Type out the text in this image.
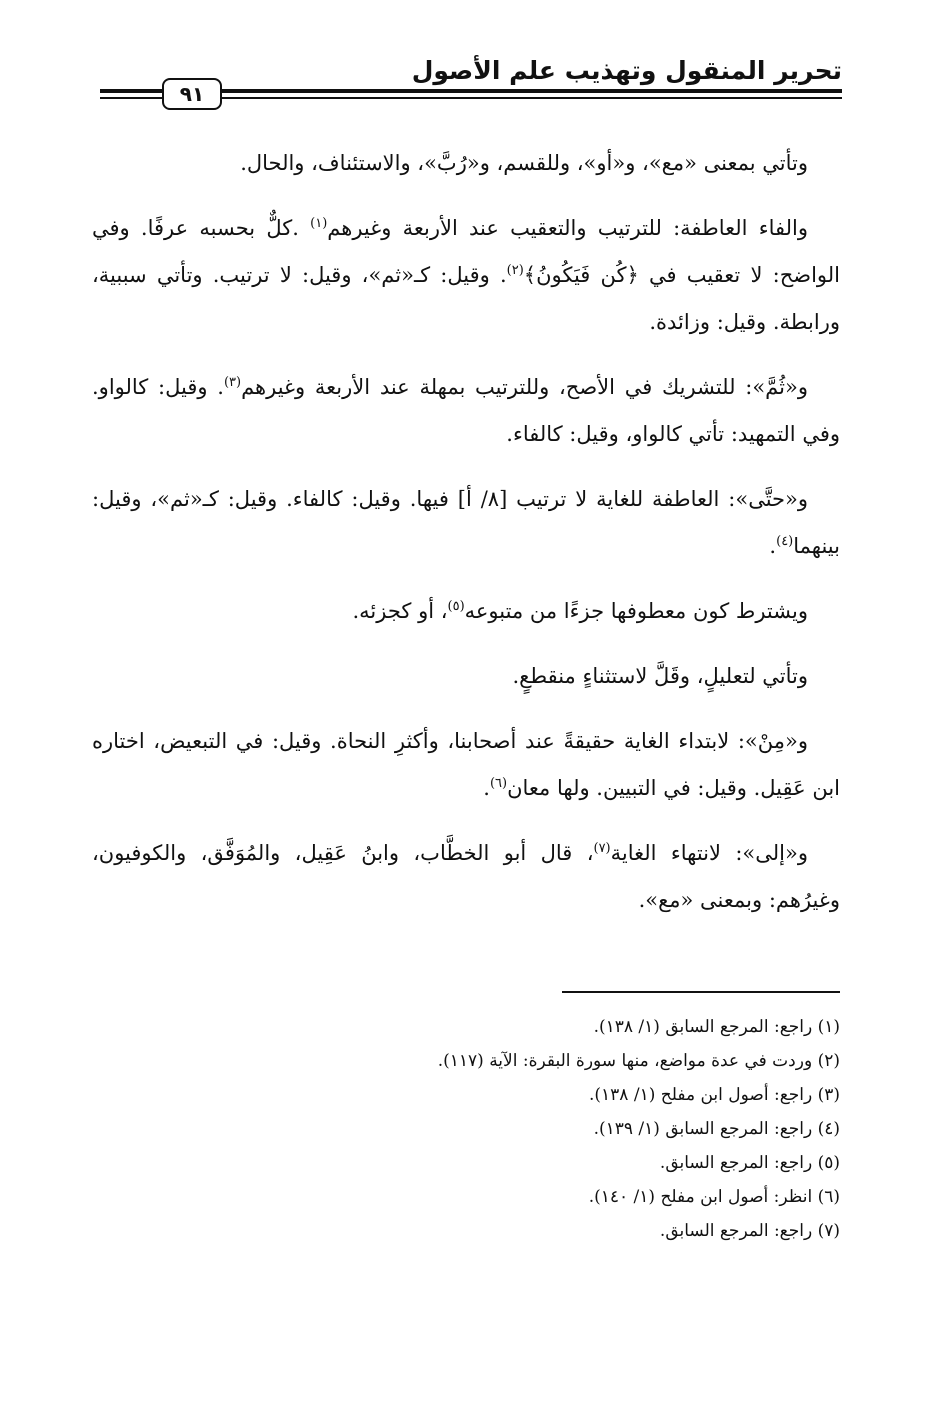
تحرير المنقول وتهذيب علم الأصول
٩١

وتأتي بمعنى «مع»، و«أو»، وللقسم، و«رُبَّ»، والاستئناف، والحال.

والفاء العاطفة: للترتيب والتعقيب عند الأربعة وغيرهم$^{(١)}$ .كلٌّ بحسبه عرفًا. وفي الواضح: لا تعقيب في ﴿كُن فَيَكُونُ﴾$^{(٢)}$. وقيل: كـ«ثم»، وقيل: لا ترتيب. وتأتي سببية، ورابطة. وقيل: وزائدة.

و«ثُمَّ»: للتشريك في الأصح، وللترتيب بمهلة عند الأربعة وغيرهم$^{(٣)}$. وقيل: كالواو. وفي التمهيد: تأتي كالواو، وقيل: كالفاء.

و«حتَّى»: العاطفة للغاية لا ترتيب [٨/ أ] فيها. وقيل: كالفاء. وقيل: كـ«ثم»، وقيل: بينهما$^{(٤)}$.

ويشترط كون معطوفها جزءًا من متبوعه$^{(٥)}$، أو كجزئه.

وتأتي لتعليلٍ، وقَلَّ لاستثناءٍ منقطعٍ.

و«مِنْ»: لابتداء الغاية حقيقةً عند أصحابنا، وأكثرِ النحاة. وقيل: في التبعيض، اختاره ابن عَقِيل. وقيل: في التبيين. ولها معان$^{(٦)}$.

و«إلى»: لانتهاء الغاية$^{(٧)}$، قال أبو الخطَّاب، وابنُ عَقِيل، والمُوَفَّق، والكوفيون، وغيرُهم: وبمعنى «مع».

(١) راجع: المرجع السابق (١/ ١٣٨).

(٢) وردت في عدة مواضع، منها سورة البقرة: الآية (١١٧).

(٣) راجع: أصول ابن مفلح (١/ ١٣٨).

(٤) راجع: المرجع السابق (١/ ١٣٩).

(٥) راجع: المرجع السابق.

(٦) انظر: أصول ابن مفلح (١/ ١٤٠).

(٧) راجع: المرجع السابق.
